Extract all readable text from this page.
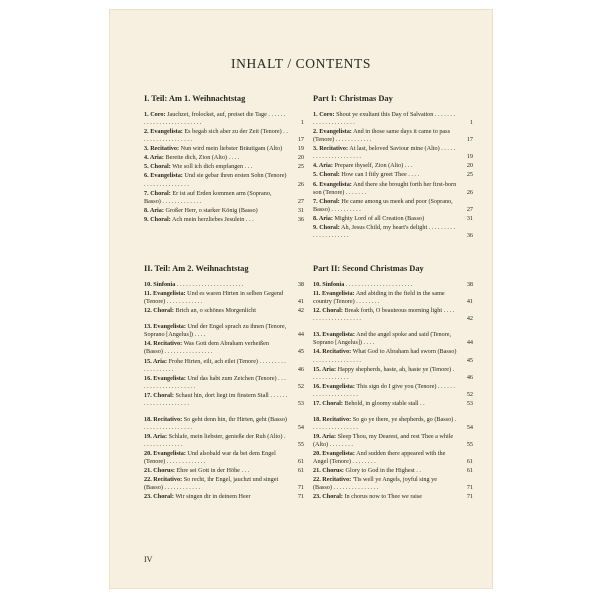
INHALT / CONTENTS
I. Teil: Am 1. Weihnachtstag
1. Coro: Jauchzet, frolocket, auf, preiset die Tage . . . . . . . . . . . . . . . . . . . . . . . . .	1
2. Evangelista: Es begab sich aber zu der Zeit (Tenore) . . . . . . . . . . . . . . . . . .	17
3. Recitativo: Nun wird mein liebster Bräutigam (Alto)	19
4. Aria: Bereite dich, Zion (Alto) . . . .	20
5. Choral: Wie soll ich dich empfangen . . .	25
6. Evangelista: Und sie gebar ihren ersten Sohn (Tenore) . . . . . . . . . . . . . . .	26
7. Choral: Er ist auf Erden kommen arm (Soprano, Basso) . . . . . . . . . . . . .	27
8. Aria: Großer Herr, o starker König (Basso)	31
9. Choral: Ach mein herzliebes Jesulein . . .	36
Part I: Christmas Day
1. Coro: Shout ye exultant this Day of Salvation . . . . . . . . . . . . . . . . . . . . .	1
2. Evangelista: And in those same days it came to pass (Tenore) . . . . . . . . . . . .	17
3. Recitativo: At last, beloved Saviour mine (Alto) . . . . . . . . . . . . . . . . . . . . .	19
4. Aria: Prepare thyself, Zion (Alto) . . .	20
5. Choral: How can I fitly greet Thee . . . .	25
6. Evangelista: And there she brought forth her first-born son (Tenore) . . . . . . .	26
7. Choral: He came among us meek and poor (Soprano, Basso) . . . . . . . . . .	27
8. Aria: Mighty Lord of all Creation (Basso)	31
9. Choral: Ah, Jesus Child, my heart's delight . . . . . . . . . . . . . . . . . . . . .	36
II. Teil: Am 2. Weihnachtstag
10. Sinfonia . . . . . . . . . . . . . . . . . . . . . .	38
11. Evangelista: Und es waren Hirten in selben Gegend (Tenore) . . . . . . . . . . . .	41
12. Choral: Brich an, o schönes Morgenlicht	42
13. Evangelista: Und der Engel sprach zu ihnen (Tenore, Soprano [Angelus]) . . . .	44
14. Recitativo: Was Gott dem Abraham verheißen (Basso) . . . . . . . . . . . . . . . .	45
15. Aria: Frohe Hirten, eilt, ach eilet (Tenore) . . . . . . . . . . . . . . . . . . .	46
16. Evangelista: Und das habt zum Zeichen (Tenore) . . . . . . . . . . . . . . . . . . . .	52
17. Choral: Schaut hin, dort liegt im finstern Stall . . . . . . . . . . . . . . . . . . . . .	53
18. Recitativo: So geht denn hin, ihr Hirten, geht (Basso) . . . . . . . . . . . . . . . .	54
19. Aria: Schlafe, mein liebster, genieße der Ruh (Alto) . . . . . . . . . . . . . .	55
20. Evangelista: Und alsobald war da bei dem Engel (Tenore) . . . . . . . . . . . . .	61
21. Chorus: Ehre sei Gott in der Höhe . . .	61
22. Recitativo: So recht, ihr Engel, jauchzt und singet (Basso) . . . . . . . . . . . .	71
23. Choral: Wir singen dir in deinem Heer	71
Part II: Second Christmas Day
10. Sinfonia . . . . . . . . . . . . . . . . . . . . . .	38
11. Evangelista: And abiding in the field in the same country (Tenore) . . . . . . . .	41
12. Choral: Break forth, O beauteous morning light . . . . . . . . . . . . . . . . . . . .	42
13. Evangelista: And the angel spoke and said (Tenore, Soprano [Angelus]) . . . .	44
14. Recitativo: What God to Abraham had sworn (Basso) . . . . . . . . . . . . . . . .	45
15. Aria: Happy shepherds, haste, ah, haste ye (Tenore) . . . . . . . . . . . . .	46
16. Evangelista: This sign do I give you (Tenore) . . . . . . . . . . . . . . . . . . . . .	52
17. Choral: Behold, in gloomy stable stall . .	53
18. Recitativo: So go ye there, ye shepherds, go (Basso) . . . . . . . . . . . . . . . .	54
19. Aria: Sleep Thou, my Dearest, and rest Thee a while (Alto) . . . . . . . .	55
20. Evangelista: And sudden there appeared with the Angel (Tenore) . . . . . . . .	61
21. Chorus: Glory to God in the Highest . .	61
22. Recitativo: 'Tis well ye Angels, joyful sing ye (Basso) . . . . . . . . . . . . . . .	71
23. Choral: In chorus now to Thee we raise	71
IV
